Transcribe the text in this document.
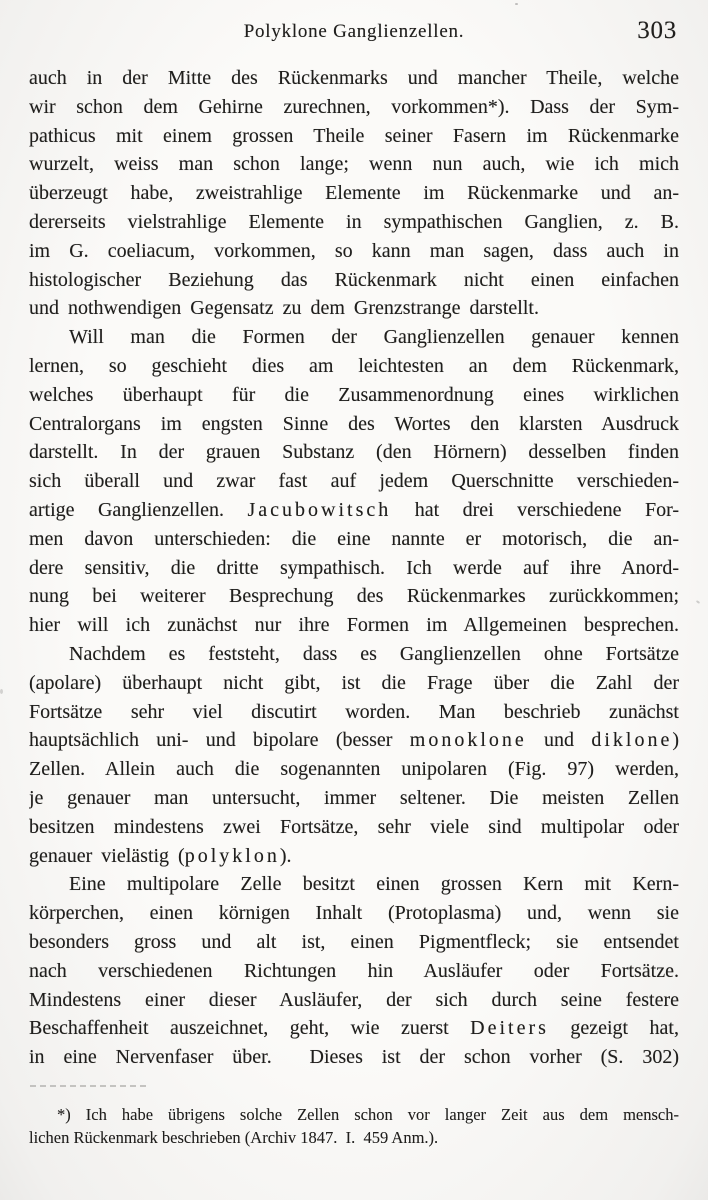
Polyklone Ganglienzellen.	303
auch in der Mitte des Rückenmarks und mancher Theile, welche
wir schon dem Gehirne zurechnen, vorkommen*). Dass der Sym-
pathicus mit einem grossen Theile seiner Fasern im Rückenmarke
wurzelt, weiss man schon lange; wenn nun auch, wie ich mich
überzeugt habe, zweistrahlige Elemente im Rückenmarke und an-
dererseits vielstrahlige Elemente in sympathischen Ganglien, z. B.
im G. coeliacum, vorkommen, so kann man sagen, dass auch in
histologischer Beziehung das Rückenmark nicht einen einfachen
und nothwendigen Gegensatz zu dem Grenzstrange darstellt.
Will man die Formen der Ganglienzellen genauer kennen
lernen, so geschieht dies am leichtesten an dem Rückenmark,
welches überhaupt für die Zusammenordnung eines wirklichen
Centralorgans im engsten Sinne des Wortes den klarsten Ausdruck
darstellt. In der grauen Substanz (den Hörnern) desselben finden
sich überall und zwar fast auf jedem Querschnitte verschieden-
artige Ganglienzellen. Jacubowitsch hat drei verschiedene For-
men davon unterschieden: die eine nannte er motorisch, die an-
dere sensitiv, die dritte sympathisch. Ich werde auf ihre Anord-
nung bei weiterer Besprechung des Rückenmarkes zurückkommen;
hier will ich zunächst nur ihre Formen im Allgemeinen besprechen.
Nachdem es feststeht, dass es Ganglienzellen ohne Fortsätze
(apolare) überhaupt nicht gibt, ist die Frage über die Zahl der
Fortsätze sehr viel discutirt worden. Man beschrieb zunächst
hauptsächlich uni- und bipolare (besser monoklone und diklone)
Zellen. Allein auch die sogenannten unipolaren (Fig. 97) werden,
je genauer man untersucht, immer seltener. Die meisten Zellen
besitzen mindestens zwei Fortsätze, sehr viele sind multipolar oder
genauer vielästig (polyklon).
Eine multipolare Zelle besitzt einen grossen Kern mit Kern-
körperchen, einen körnigen Inhalt (Protoplasma) und, wenn sie
besonders gross und alt ist, einen Pigmentfleck; sie entsendet
nach verschiedenen Richtungen hin Ausläufer oder Fortsätze.
Mindestens einer dieser Ausläufer, der sich durch seine festere
Beschaffenheit auszeichnet, geht, wie zuerst Deiters gezeigt hat,
in eine Nervenfaser über.  Dieses ist der schon vorher (S. 302)
*) Ich habe übrigens solche Zellen schon vor langer Zeit aus dem mensch-
lichen Rückenmark beschrieben (Archiv 1847.  I.  459 Anm.).
